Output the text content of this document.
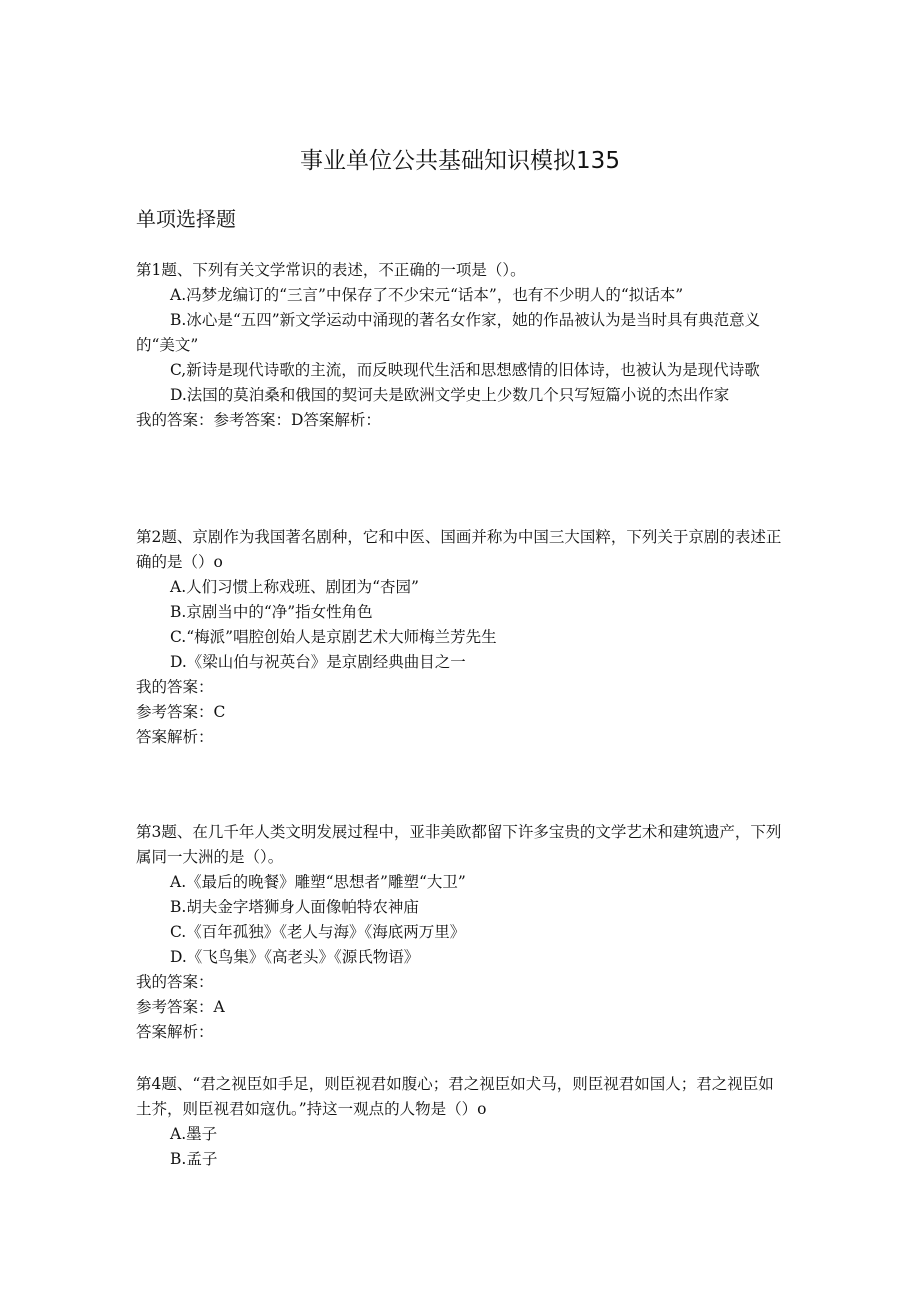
事业单位公共基础知识模拟135
单项选择题
第1题、下列有关文学常识的表述，不正确的一项是（）。
A.冯梦龙编订的“三言”中保存了不少宋元“话本”，也有不少明人的“拟话本”
B.冰心是“五四”新文学运动中涌现的著名女作家，她的作品被认为是当时具有典范意义的“美文”
C,新诗是现代诗歌的主流，而反映现代生活和思想感情的旧体诗，也被认为是现代诗歌
D.法国的莫泊桑和俄国的契诃夫是欧洲文学史上少数几个只写短篇小说的杰出作家
我的答案：参考答案：D答案解析：
第2题、京剧作为我国著名剧种，它和中医、国画并称为中国三大国粹，下列关于京剧的表述正确的是（）o
A.人们习惯上称戏班、剧团为“杏园”
B.京剧当中的“净”指女性角色
C.“梅派”唱腔创始人是京剧艺术大师梅兰芳先生
D.《梁山伯与祝英台》是京剧经典曲目之一
我的答案：
参考答案：C
答案解析：
第3题、在几千年人类文明发展过程中，亚非美欧都留下许多宝贵的文学艺术和建筑遗产，下列属同一大洲的是（）。
A.《最后的晚餐》雕塑“思想者”雕塑“大卫”
B.胡夫金字塔狮身人面像帕特农神庙
C.《百年孤独》《老人与海》《海底两万里》
D.《飞鸟集》《高老头》《源氏物语》
我的答案：
参考答案：A
答案解析：
第4题、“君之视臣如手足，则臣视君如腹心；君之视臣如犬马，则臣视君如国人；君之视臣如土芥，则臣视君如寇仇。”持这一观点的人物是（）o
A.墨子
B.孟子
